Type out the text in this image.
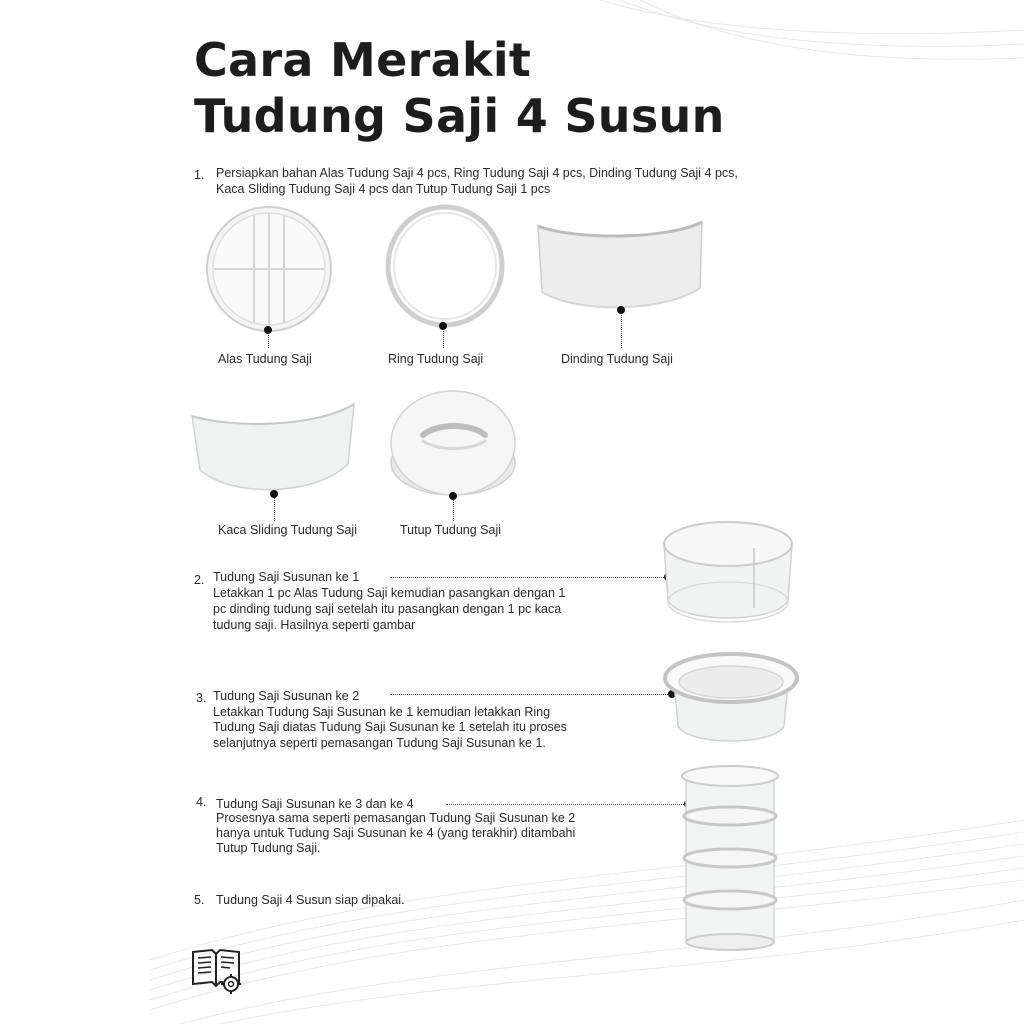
Cara Merakit
Tudung Saji 4 Susun
1. Persiapkan bahan Alas Tudung Saji 4 pcs, Ring Tudung Saji 4 pcs, Dinding Tudung Saji 4 pcs,
Kaca Sliding Tudung Saji 4 pcs dan Tutup Tudung Saji 1 pcs
Alas Tudung Saji	Ring Tudung Saji	Dinding Tudung Saji
Kaca Sliding Tudung Saji	Tutup Tudung Saji
2. Tudung Saji Susunan ke 1
Letakkan 1 pc Alas Tudung Saji kemudian pasangkan dengan 1
pc dinding tudung saji setelah itu pasangkan dengan 1 pc kaca
tudung saji. Hasilnya seperti gambar
3. Tudung Saji Susunan ke 2
Letakkan Tudung Saji Susunan ke 1 kemudian letakkan Ring
Tudung Saji diatas Tudung Saji Susunan ke 1 setelah itu proses
selanjutnya seperti pemasangan Tudung Saji Susunan ke 1.
4. Tudung Saji Susunan ke 3 dan ke 4
Prosesnya sama seperti pemasangan Tudung Saji Susunan ke 2
hanya untuk Tudung Saji Susunan ke 4 (yang terakhir) ditambahi
Tutup Tudung Saji.
5. Tudung Saji 4 Susun siap dipakai.
